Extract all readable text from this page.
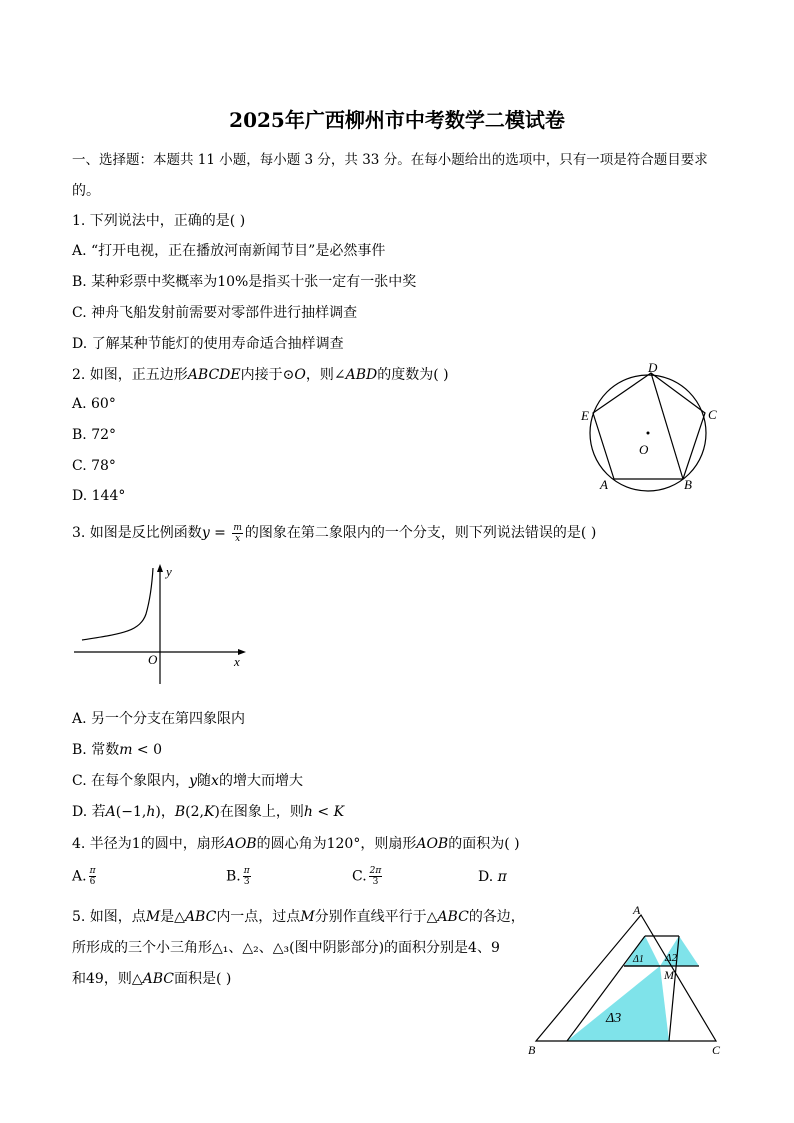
2025年广西柳州市中考数学二模试卷
一、选择题：本题共 11 小题，每小题 3 分，共 33 分。在每小题给出的选项中，只有一项是符合题目要求
的。
1. 下列说法中，正确的是( )
A. “打开电视，正在播放河南新闻节目”是必然事件
B. 某种彩票中奖概率为10%是指买十张一定有一张中奖
C. 神舟飞船发射前需要对零部件进行抽样调查
D. 了解某种节能灯的使用寿命适合抽样调查
2. 如图，正五边形ABCDE内接于⊙O，则∠ABD的度数为( )
A. 60°
B. 72°
C. 78°
D. 144°
D
C
E
A	B
O
3. 如图是反比例函数$y = \frac{m}{x}$ 的图象在第二象限内的一个分支，则下列说法错误的是( )
y
x
O
A. 另一个分支在第四象限内
B. 常数m < 0
C. 在每个象限内，y随x的增大而增大
D. 若A(−1,h)，B(2,K)在图象上，则h < K
4. 半径为1的圆中，扇形AOB的圆心角为120°，则扇形AOB的面积为( )
A. $\frac{\pi}{6}$	B. $\frac{\pi}{3}$	C. $\frac{2\pi}{3}$	D. π
5. 如图，点M是△ABC内一点，过点M分别作直线平行于△ABC的各边，
所形成的三个小三角形△₁、△₂、△₃(图中阴影部分)的面积分别是4、9
和49，则△ABC面积是( )
A
B	C
M
Δ1 Δ2
Δ3
